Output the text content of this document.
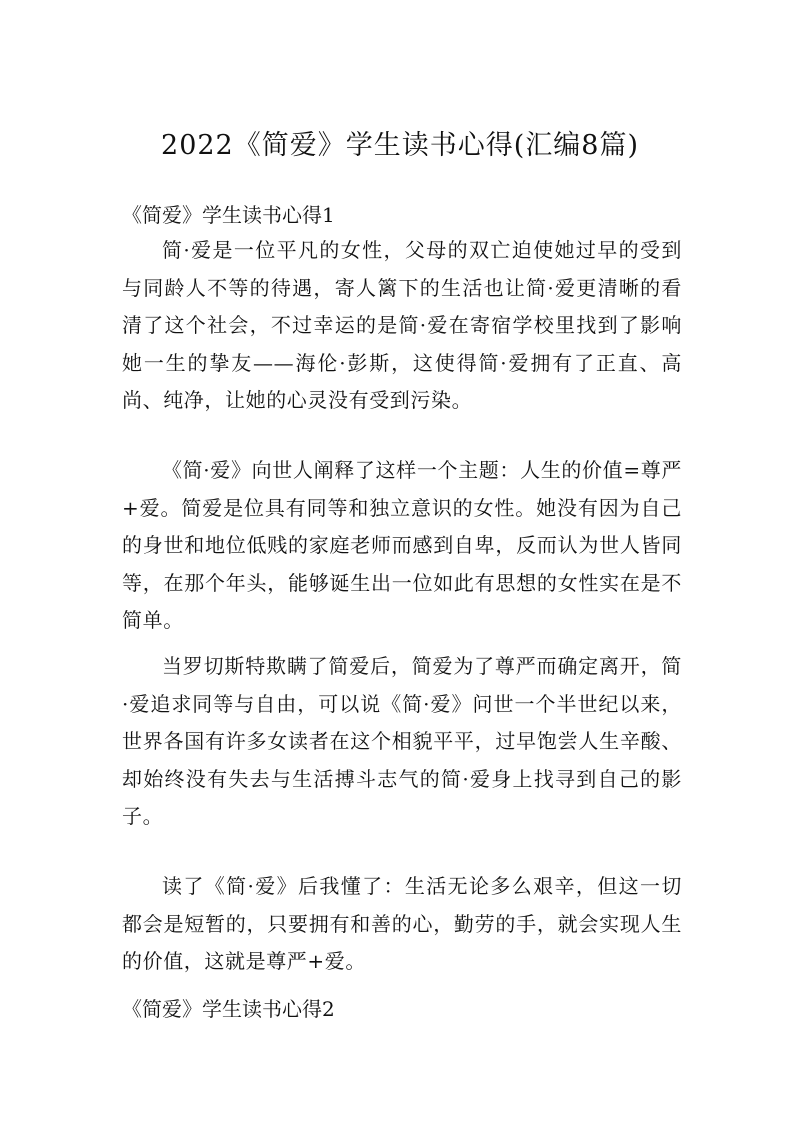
2022《简爱》学生读书心得(汇编8篇)
《简爱》学生读书心得1

简·爱是一位平凡的女性，父母的双亡迫使她过早的受到与同龄人不等的待遇，寄人篱下的生活也让简·爱更清晰的看清了这个社会，不过幸运的是简·爱在寄宿学校里找到了影响她一生的挚友——海伦·彭斯，这使得简·爱拥有了正直、高尚、纯净，让她的心灵没有受到污染。

《简·爱》向世人阐释了这样一个主题：人生的价值=尊严+爱。简爱是位具有同等和独立意识的女性。她没有因为自己的身世和地位低贱的家庭老师而感到自卑，反而认为世人皆同等，在那个年头，能够诞生出一位如此有思想的女性实在是不简单。

当罗切斯特欺瞒了简爱后，简爱为了尊严而确定离开，简·爱追求同等与自由，可以说《简·爱》问世一个半世纪以来，世界各国有许多女读者在这个相貌平平，过早饱尝人生辛酸、却始终没有失去与生活搏斗志气的简·爱身上找寻到自己的影子。

读了《简·爱》后我懂了：生活无论多么艰辛，但这一切都会是短暂的，只要拥有和善的心，勤劳的手，就会实现人生的价值，这就是尊严+爱。

《简爱》学生读书心得2
